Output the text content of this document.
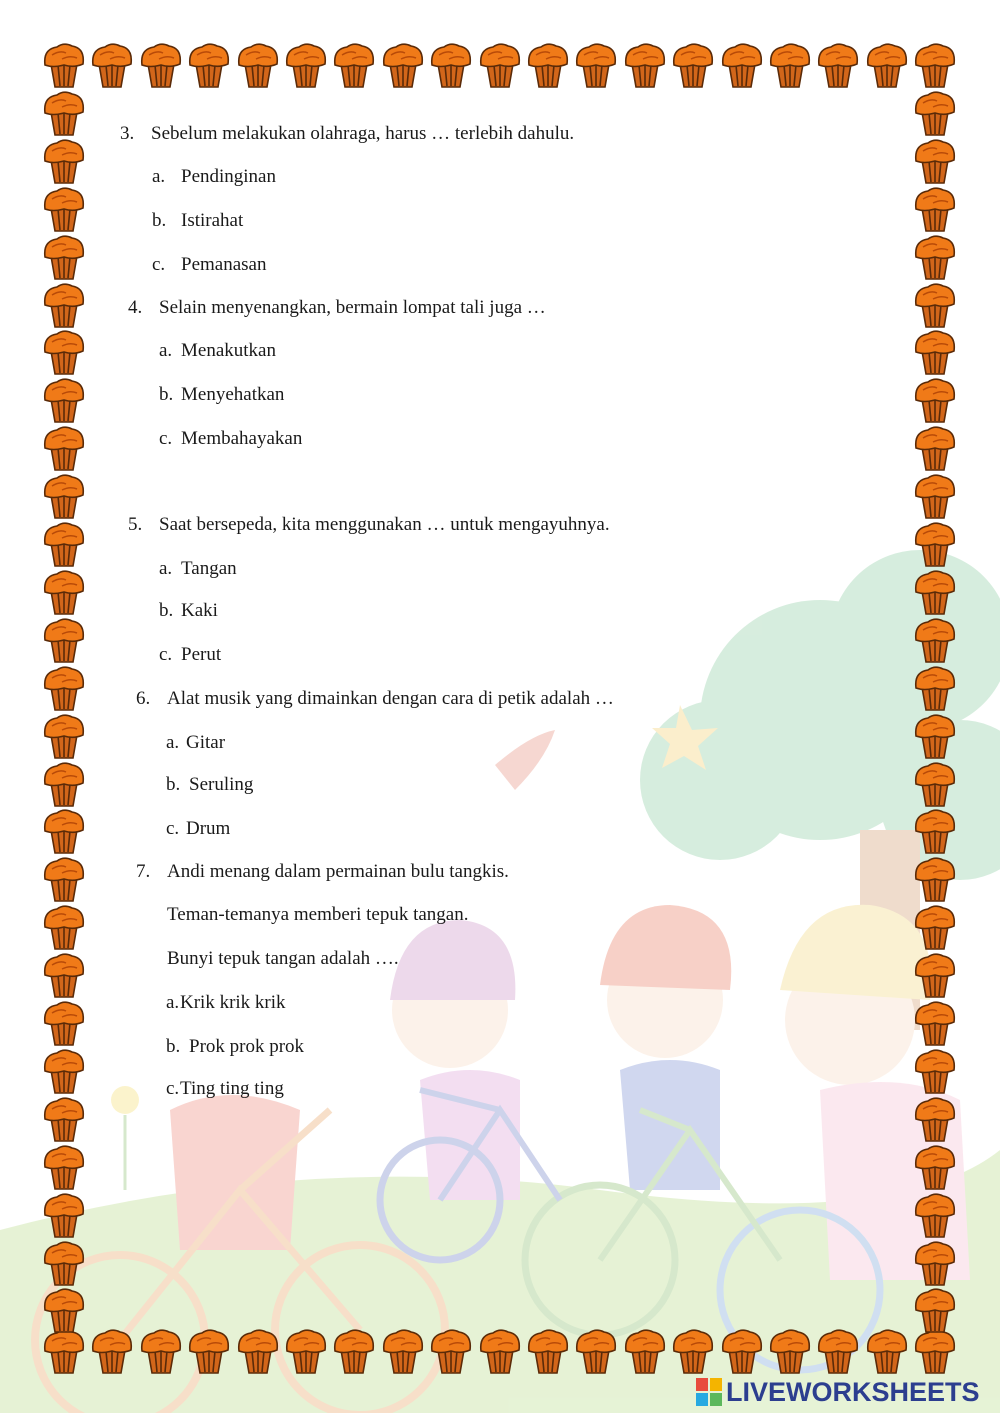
3. Sebelum melakukan olahraga, harus … terlebih dahulu.
a. Pendinginan
b. Istirahat
c. Pemanasan
4. Selain menyenangkan, bermain lompat tali juga …
a. Menakutkan
b. Menyehatkan
c. Membahayakan
5. Saat bersepeda, kita menggunakan … untuk mengayuhnya.
a. Tangan
b. Kaki
c. Perut
6. Alat musik yang dimainkan dengan cara di petik adalah …
a. Gitar
b. Seruling
c. Drum
7. Andi menang dalam permainan bulu tangkis.
Teman-temanya memberi tepuk tangan.
Bunyi tepuk tangan adalah ….
a.Krik krik krik
b. Prok prok prok
c.Ting ting ting
LIVEWORKSHEETS
